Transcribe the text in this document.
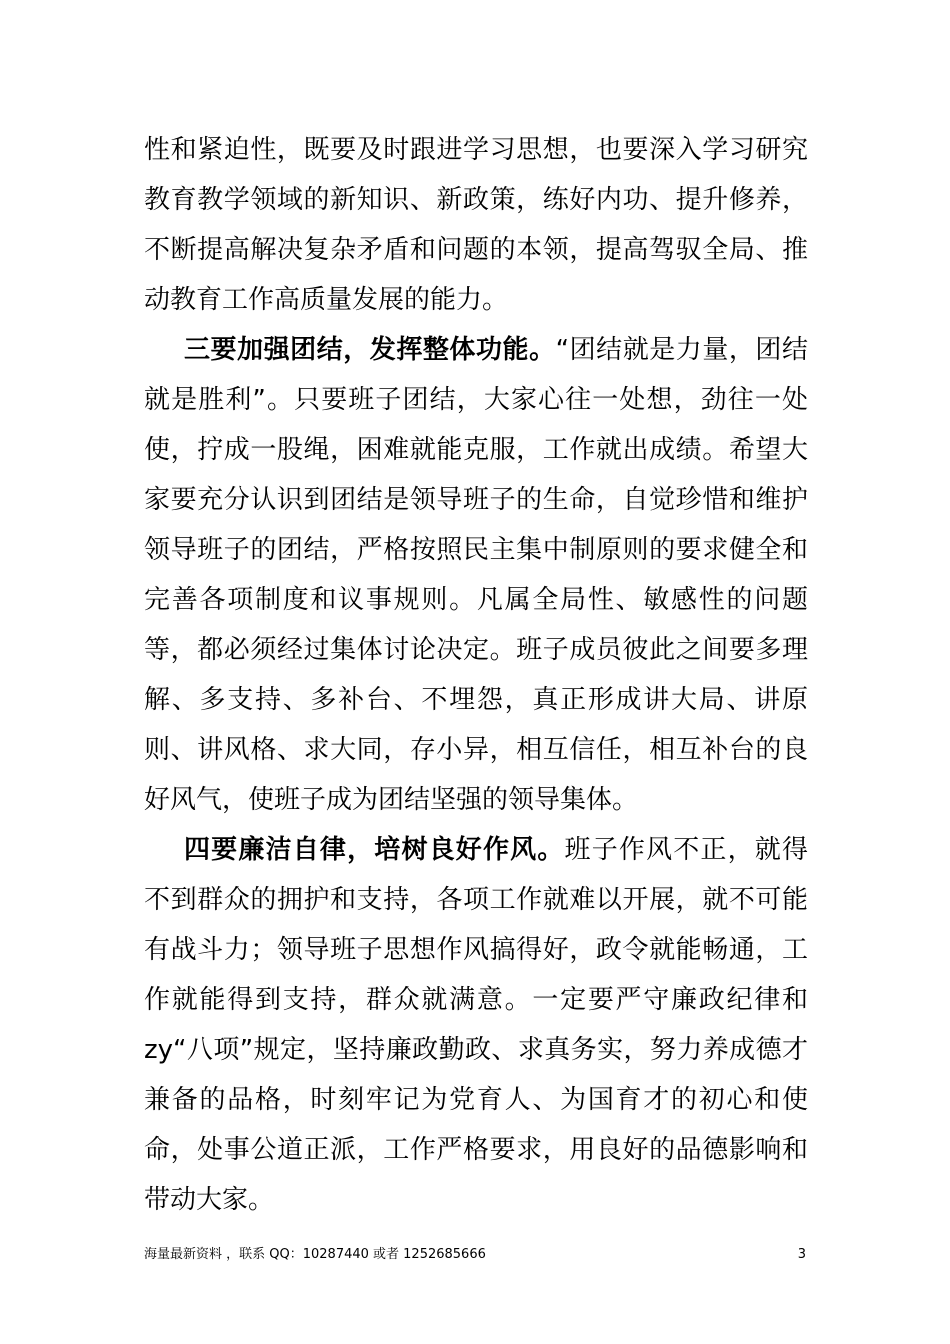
性和紧迫性，既要及时跟进学习思想，也要深入学习研究教育教学领域的新知识、新政策，练好内功、提升修养，不断提高解决复杂矛盾和问题的本领，提高驾驭全局、推动教育工作高质量发展的能力。

三要加强团结，发挥整体功能。“团结就是力量，团结就是胜利”。只要班子团结，大家心往一处想，劲往一处使，拧成一股绳，困难就能克服，工作就出成绩。希望大家要充分认识到团结是领导班子的生命，自觉珍惜和维护领导班子的团结，严格按照民主集中制原则的要求健全和完善各项制度和议事规则。凡属全局性、敏感性的问题等，都必须经过集体讨论决定。班子成员彼此之间要多理解、多支持、多补台、不埋怨，真正形成讲大局、讲原则、讲风格、求大同，存小异，相互信任，相互补台的良好风气，使班子成为团结坚强的领导集体。

四要廉洁自律，培树良好作风。班子作风不正，就得不到群众的拥护和支持，各项工作就难以开展，就不可能有战斗力；领导班子思想作风搞得好，政令就能畅通，工作就能得到支持，群众就满意。一定要严守廉政纪律和 zy“八项”规定，坚持廉政勤政、求真务实，努力养成德才兼备的品格，时刻牢记为党育人、为国育才的初心和使命，处事公道正派，工作严格要求，用良好的品德影响和带动大家。

海量最新资料 ，联系 QQ：10287440 或者 1252685666	3
